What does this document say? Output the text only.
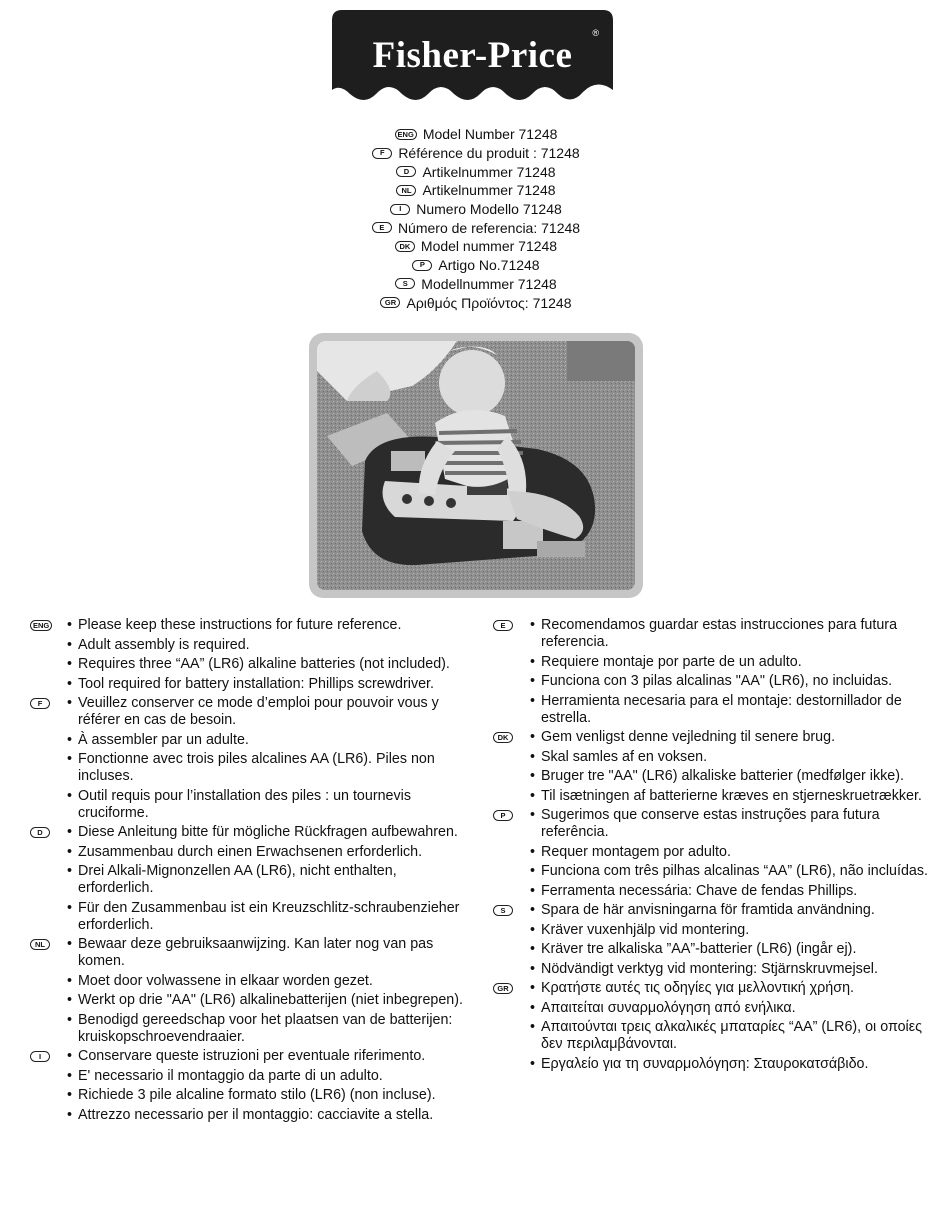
Fisher-Price
®
ENG Model Number 71248
F Référence du produit : 71248
D Artikelnummer 71248
NL Artikelnummer 71248
I	Numero Modello 71248
E Número de referencia: 71248
DK Model nummer 71248
P Artigo No.71248
S Modellnummer 71248
GR Αριθμός Προϊόντος: 71248
ENG	• Please keep these instructions for future reference.
• Adult assembly is required.
• Requires three “AA” (LR6) alkaline batteries (not included).
• Tool required for battery installation: Phillips screwdriver.
F	• Veuillez conserver ce mode d’emploi pour pouvoir vous y référer en cas de besoin.
• À assembler par un adulte.
• Fonctionne avec trois piles alcalines AA (LR6). Piles non incluses.
• Outil requis pour l’installation des piles : un tournevis cruciforme.
D	• Diese Anleitung bitte für mögliche Rückfragen aufbewahren.
• Zusammenbau durch einen Erwachsenen erforderlich.
• Drei Alkali-Mignonzellen AA (LR6), nicht enthalten, erforderlich.
• Für den Zusammenbau ist ein Kreuzschlitz-schraubenzieher erforderlich.
NL	• Bewaar deze gebruiksaanwijzing. Kan later nog van pas komen.
• Moet door volwassene in elkaar worden gezet.
• Werkt op drie "AA" (LR6) alkalinebatterijen (niet inbegrepen).
• Benodigd gereedschap voor het plaatsen van de batterijen: kruiskopschroevendraaier.
I	• Conservare queste istruzioni per eventuale riferimento.
• E' necessario il montaggio da parte di un adulto.
• Richiede 3 pile alcaline formato stilo (LR6) (non incluse).
• Attrezzo necessario per il montaggio: cacciavite a stella.
E	• Recomendamos guardar estas instrucciones para futura referencia.
• Requiere montaje por parte de un adulto.
• Funciona con 3 pilas alcalinas "AA" (LR6), no incluidas.
• Herramienta necesaria para el montaje: destornillador de estrella.
DK	• Gem venligst denne vejledning til senere brug.
• Skal samles af en voksen.
• Bruger tre "AA" (LR6) alkaliske batterier (medfølger ikke).
• Til isætningen af batterierne kræves en stjerneskruetrækker.
P	• Sugerimos que conserve estas instruções para futura referência.
• Requer montagem por adulto.
• Funciona com três pilhas alcalinas “AA” (LR6), não incluídas.
• Ferramenta necessária: Chave de fendas Phillips.
S	• Spara de här anvisningarna för framtida användning.
• Kräver vuxenhjälp vid montering.
• Kräver tre alkaliska ”AA”-batterier (LR6) (ingår ej).
• Nödvändigt verktyg vid montering: Stjärnskruvmejsel.
GR	• Κρατήστε αυτές τις οδηγίες για μελλοντική χρήση.
• Απαιτείται συναρμολόγηση από ενήλικα.
• Απαιτούνται τρεις αλκαλικές μπαταρίες “AA” (LR6), οι οποίες δεν περιλαμβάνονται.
• Εργαλείο για τη συναρμολόγηση: Σταυροκατσάβιδο.
